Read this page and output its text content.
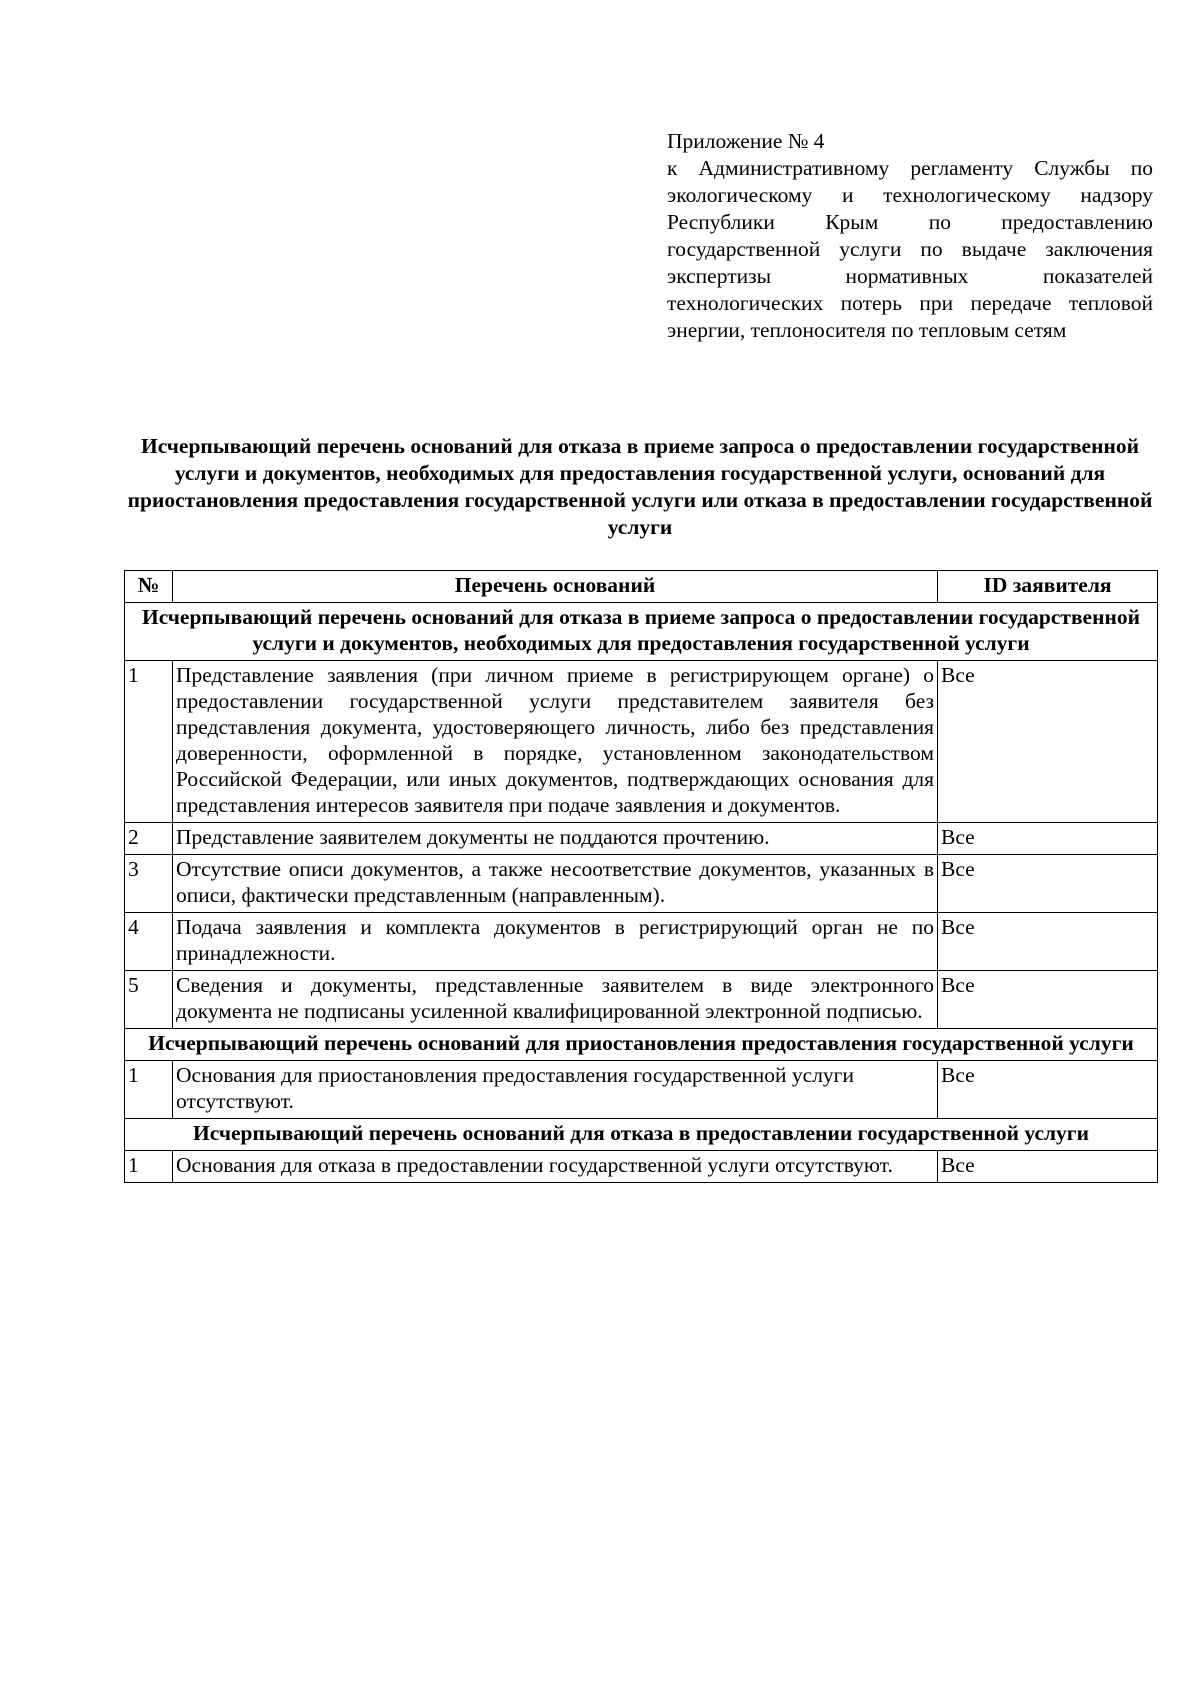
Приложение № 4

к Административному регламенту Службы по экологическому и технологическому надзору Республики Крым по предоставлению государственной услуги по выдаче заключения экспертизы нормативных показателей технологических потерь при передаче тепловой энергии, теплоносителя по тепловым сетям

Исчерпывающий перечень оснований для отказа в приеме запроса о предоставлении государственной услуги и документов, необходимых для предоставления государственной услуги, оснований для приостановления предоставления государственной услуги или отказа в предоставлении государственной услуги
№	Перечень оснований	ID заявителя
Исчерпывающий перечень оснований для отказа в приеме запроса о предоставлении государственной услуги и документов, необходимых для предоставления государственной услуги		
1	Представление заявления (при личном приеме в регистрирующем органе) о предоставлении государственной услуги представителем заявителя без представления документа, удостоверяющего личность, либо без представления доверенности, оформленной в порядке, установленном законодательством Российской Федерации, или иных документов, подтверждающих основания для представления интересов заявителя при подаче заявления и документов.	Все
2	Представление заявителем документы не поддаются прочтению.	Все
3	Отсутствие описи документов, а также несоответствие документов, указанных в описи, фактически представленным (направленным).	Все
4	Подача заявления и комплекта документов в регистрирующий орган не по принадлежности.	Все
5	Сведения и документы, представленные заявителем в виде электронного документа не подписаны усиленной квалифицированной электронной подписью.	Все
Исчерпывающий перечень оснований для приостановления предоставления государственной услуги		
1	Основания для приостановления предоставления государственной услуги отсутствуют.	Все
Исчерпывающий перечень оснований для отказа в предоставлении государственной услуги		
1	Основания для отказа в предоставлении государственной услуги отсутствуют.	Все
